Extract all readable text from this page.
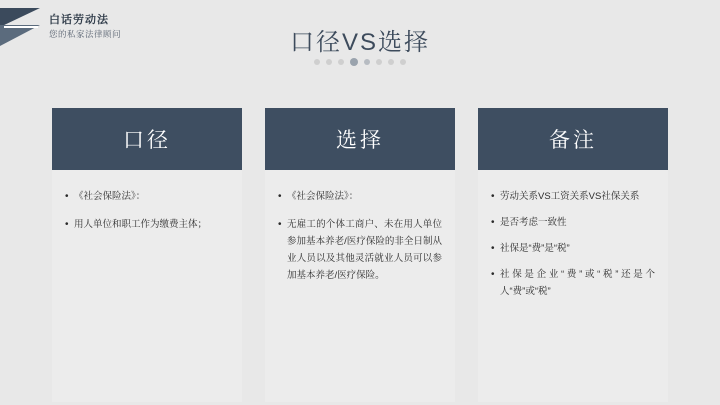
白话劳动法
您的私家法律顾问	口径VS选择
口径
• 《社会保险法》：
• 用人单位和职工作为缴费主体；
选择
• 《社会保险法》：
• 无雇工的个体工商户、未在用人单位参加基本养老/医疗保险的非全日制从业人员以及其他灵活就业人员可以参加基本养老/医疗保险。
备注
• 劳动关系VS工资关系VS社保关系
• 是否考虑一致性
• 社保是“费”是“税”
• 社保是企业“费”或“税”还是个人“费”或“税”
